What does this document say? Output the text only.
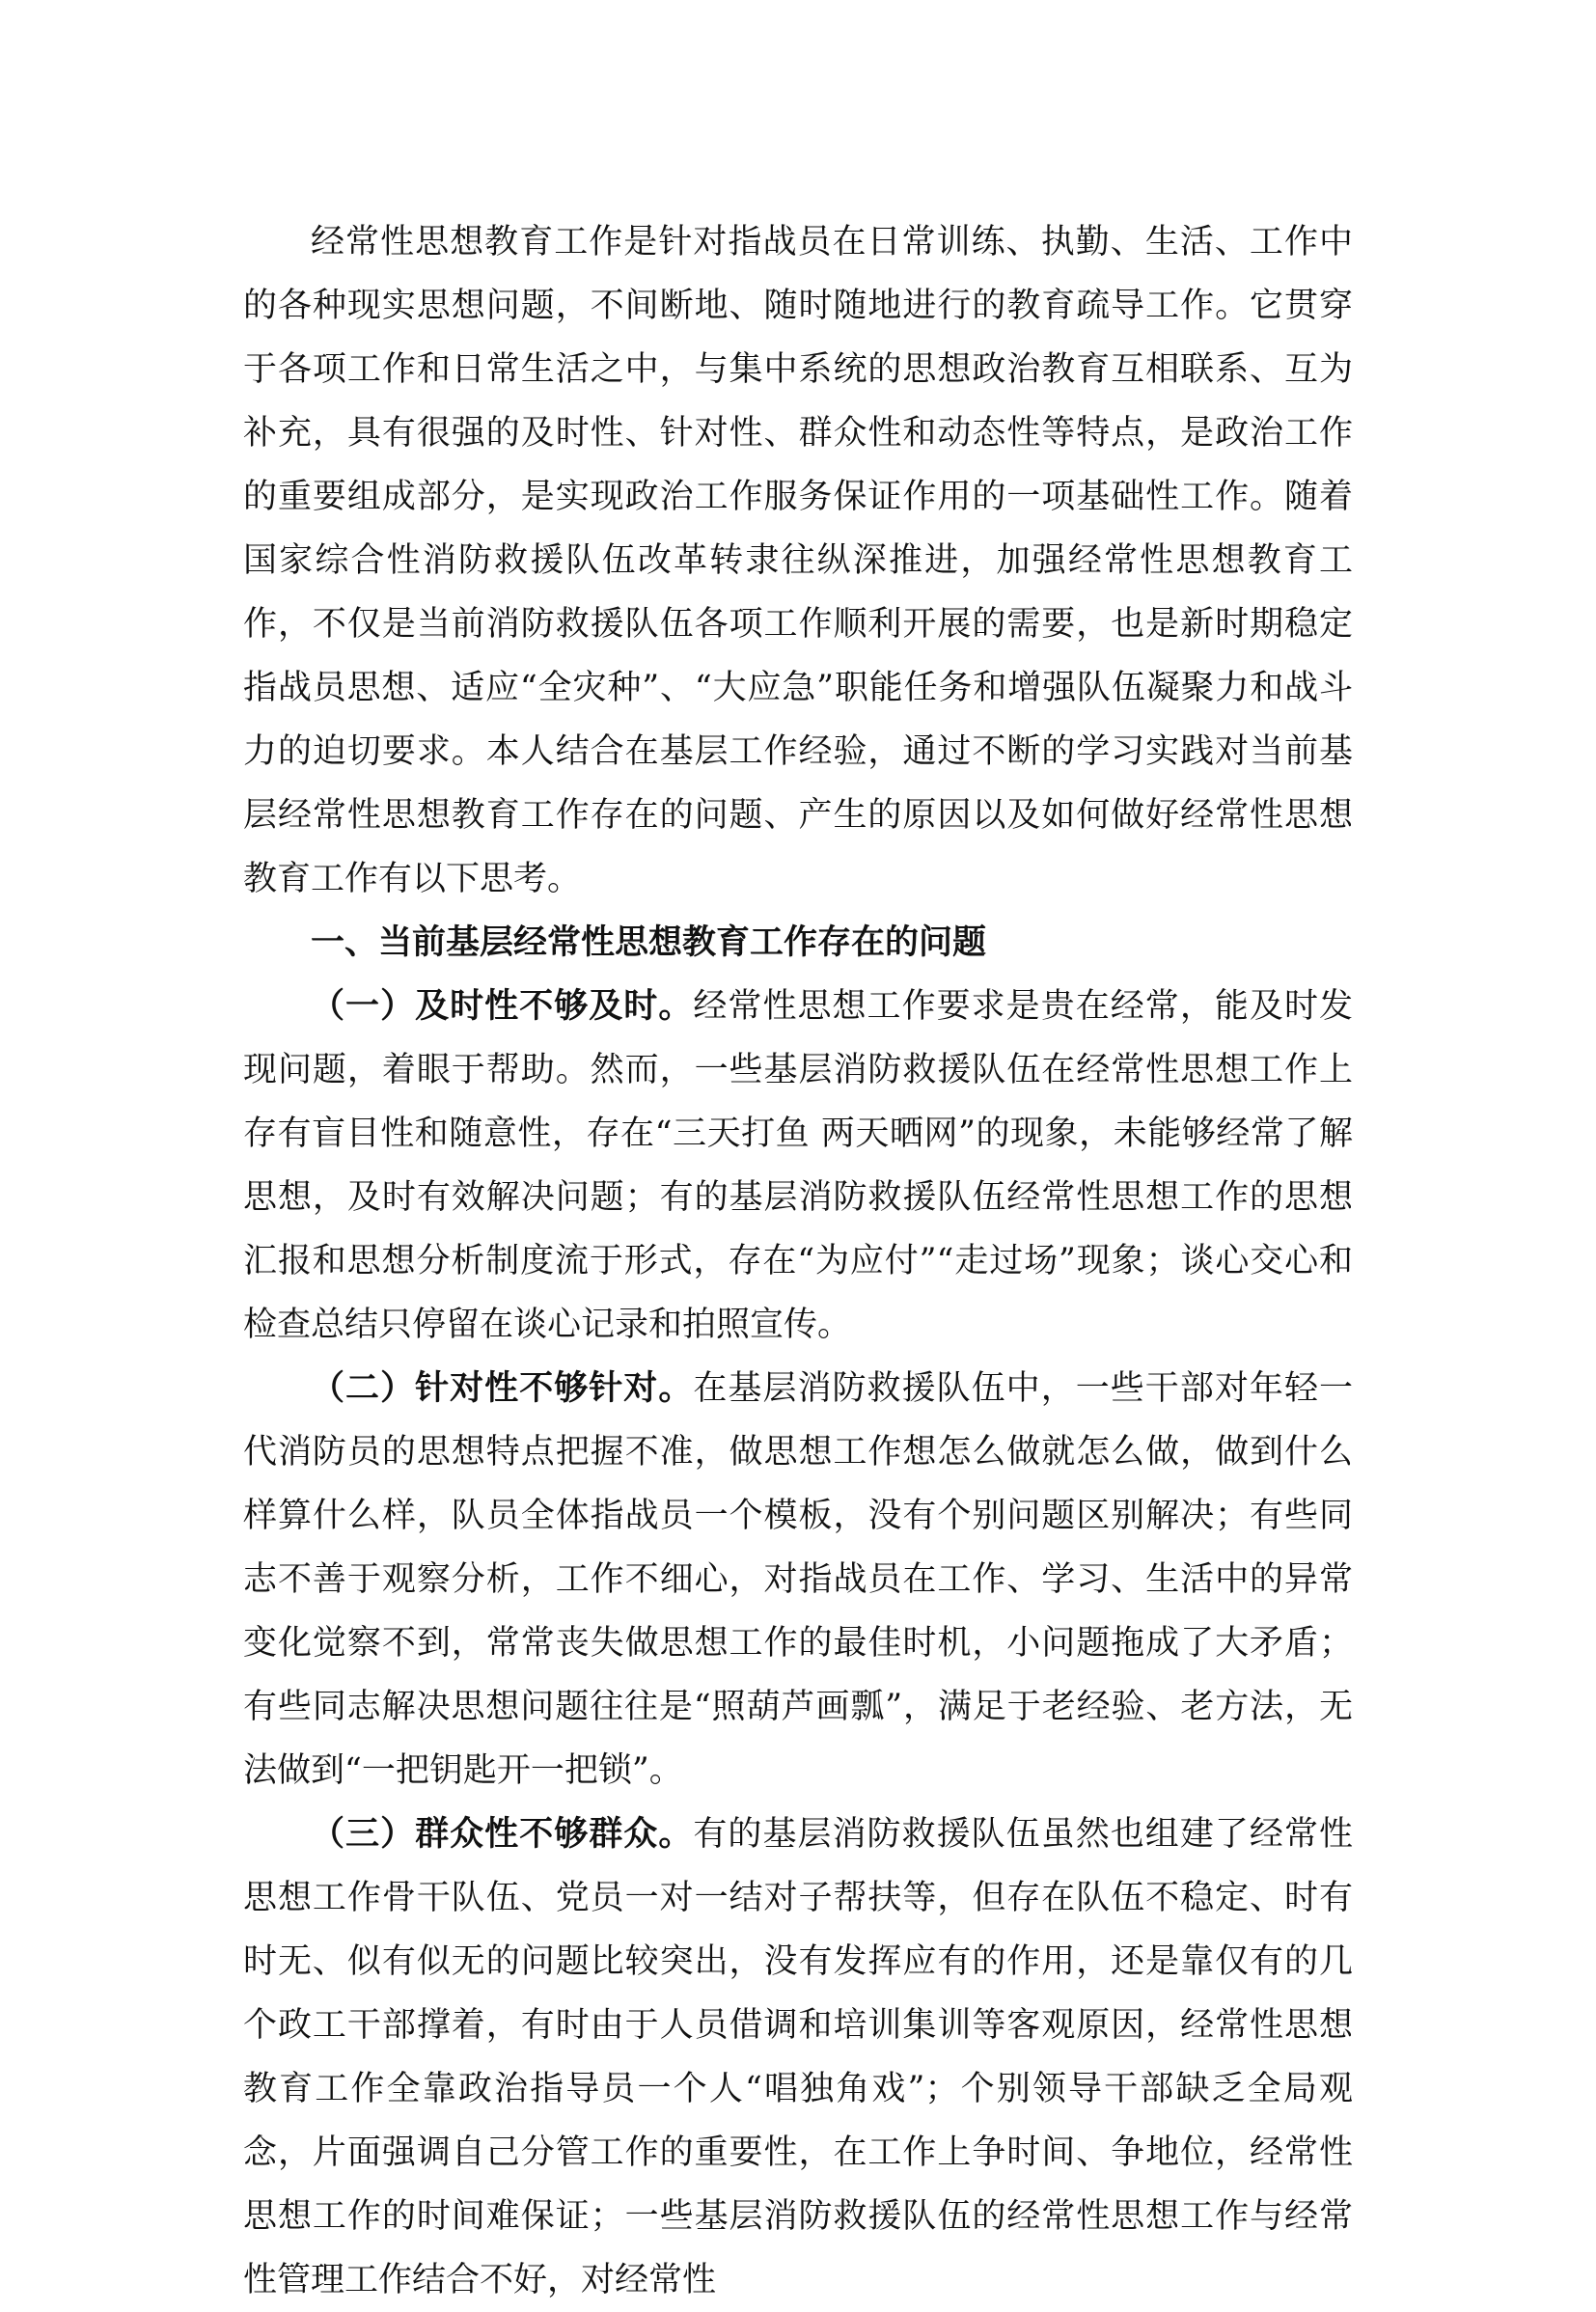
经常性思想教育工作是针对指战员在日常训练、执勤、生活、工作中的各种现实思想问题，不间断地、随时随地进行的教育疏导工作。它贯穿于各项工作和日常生活之中，与集中系统的思想政治教育互相联系、互为补充，具有很强的及时性、针对性、群众性和动态性等特点，是政治工作的重要组成部分，是实现政治工作服务保证作用的一项基础性工作。随着国家综合性消防救援队伍改革转隶往纵深推进，加强经常性思想教育工作，不仅是当前消防救援队伍各项工作顺利开展的需要，也是新时期稳定指战员思想、适应“全灾种”、“大应急”职能任务和增强队伍凝聚力和战斗力的迫切要求。本人结合在基层工作经验，通过不断的学习实践对当前基层经常性思想教育工作存在的问题、产生的原因以及如何做好经常性思想教育工作有以下思考。

一、当前基层经常性思想教育工作存在的问题

（一）及时性不够及时。经常性思想工作要求是贵在经常，能及时发现问题，着眼于帮助。然而，一些基层消防救援队伍在经常性思想工作上存有盲目性和随意性，存在“三天打鱼 两天晒网”的现象，未能够经常了解思想，及时有效解决问题；有的基层消防救援队伍经常性思想工作的思想汇报和思想分析制度流于形式，存在“为应付”“走过场”现象；谈心交心和检查总结只停留在谈心记录和拍照宣传。

（二）针对性不够针对。在基层消防救援队伍中，一些干部对年轻一代消防员的思想特点把握不准，做思想工作想怎么做就怎么做，做到什么样算什么样，队员全体指战员一个模板，没有个别问题区别解决；有些同志不善于观察分析，工作不细心，对指战员在工作、学习、生活中的异常变化觉察不到，常常丧失做思想工作的最佳时机，小问题拖成了大矛盾；有些同志解决思想问题往往是“照葫芦画瓢”，满足于老经验、老方法，无法做到“一把钥匙开一把锁”。

（三）群众性不够群众。有的基层消防救援队伍虽然也组建了经常性思想工作骨干队伍、党员一对一结对子帮扶等，但存在队伍不稳定、时有时无、似有似无的问题比较突出，没有发挥应有的作用，还是靠仅有的几个政工干部撑着，有时由于人员借调和培训集训等客观原因，经常性思想教育工作全靠政治指导员一个人“唱独角戏”；个别领导干部缺乏全局观念，片面强调自己分管工作的重要性，在工作上争时间、争地位，经常性思想工作的时间难保证；一些基层消防救援队伍的经常性思想工作与经常性管理工作结合不好，对经常性
